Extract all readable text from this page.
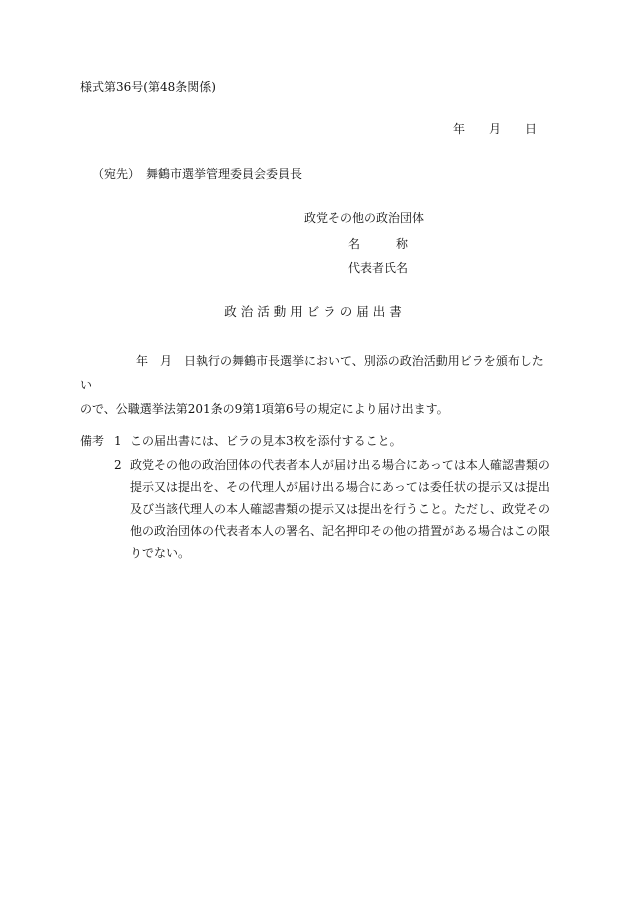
様式第36号(第48条関係)
年 月 日
（宛先）　舞鶴市選挙管理委員会委員長
政党その他の政治団体
名　　　称
代表者氏名
政治活動用ビラの届出書
年　月　日執行の舞鶴市長選挙において、別添の政治活動用ビラを頒布したい
ので、公職選挙法第201条の9第1項第6号の規定により届け出ます。
備考 1 この届出書には、ビラの見本3枚を添付すること。
2 政党その他の政治団体の代表者本人が届け出る場合にあっては本人確認書類の提示又は提出を、その代理人が届け出る場合にあっては委任状の提示又は提出及び当該代理人の本人確認書類の提示又は提出を行うこと。ただし、政党その他の政治団体の代表者本人の署名、記名押印その他の措置がある場合はこの限りでない。
